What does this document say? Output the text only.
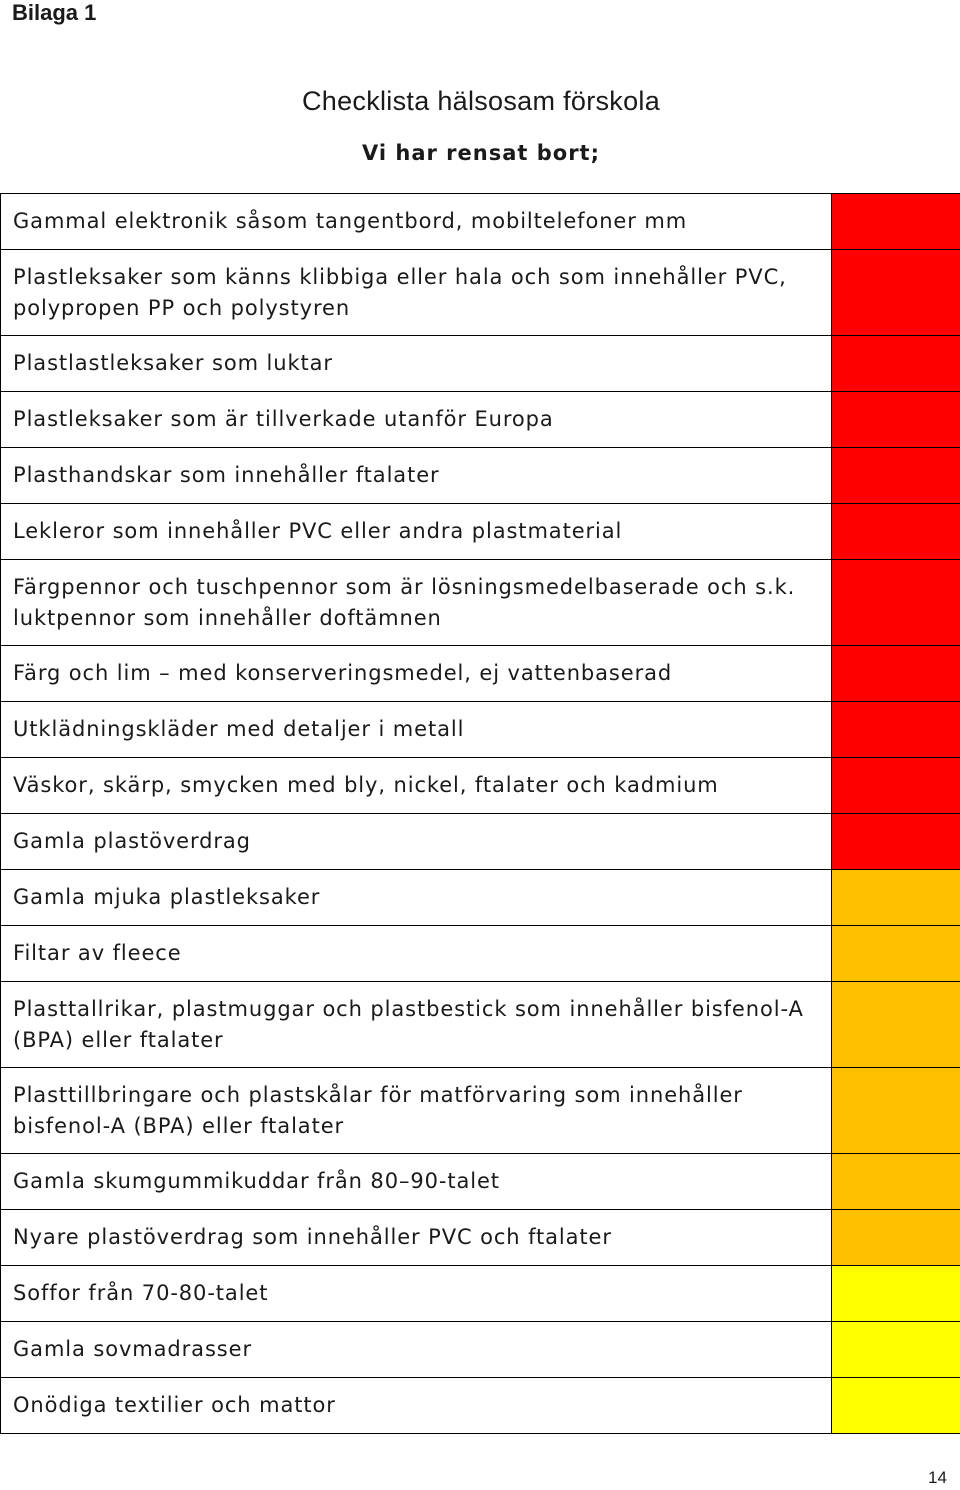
Bilaga 1
Checklista hälsosam förskola
Vi har rensat bort;
Gammal elektronik såsom tangentbord, mobiltelefoner mm	
Plastleksaker som känns klibbiga eller hala och som innehåller PVC, polypropen PP och polystyren	
Plastlastleksaker som luktar	
Plastleksaker som är tillverkade utanför Europa	
Plasthandskar som innehåller ftalater	
Lekleror som innehåller PVC eller andra plastmaterial	
Färgpennor och tuschpennor som är lösningsmedelbaserade och s.k. luktpennor som innehåller doftämnen	
Färg och lim – med konserveringsmedel, ej vattenbaserad	
Utklädningskläder med detaljer i metall	
Väskor, skärp, smycken med bly, nickel, ftalater och kadmium	
Gamla plastöverdrag	
Gamla mjuka plastleksaker	
Filtar av fleece	
Plasttallrikar, plastmuggar och plastbestick som innehåller bisfenol-A (BPA) eller ftalater	
Plasttillbringare och plastskålar för matförvaring som innehåller bisfenol-A (BPA) eller ftalater	
Gamla skumgummikuddar från 80–90-talet	
Nyare plastöverdrag som innehåller PVC och ftalater	
Soffor från 70-80-talet	
Gamla sovmadrasser	
Onödiga textilier och mattor	
14
